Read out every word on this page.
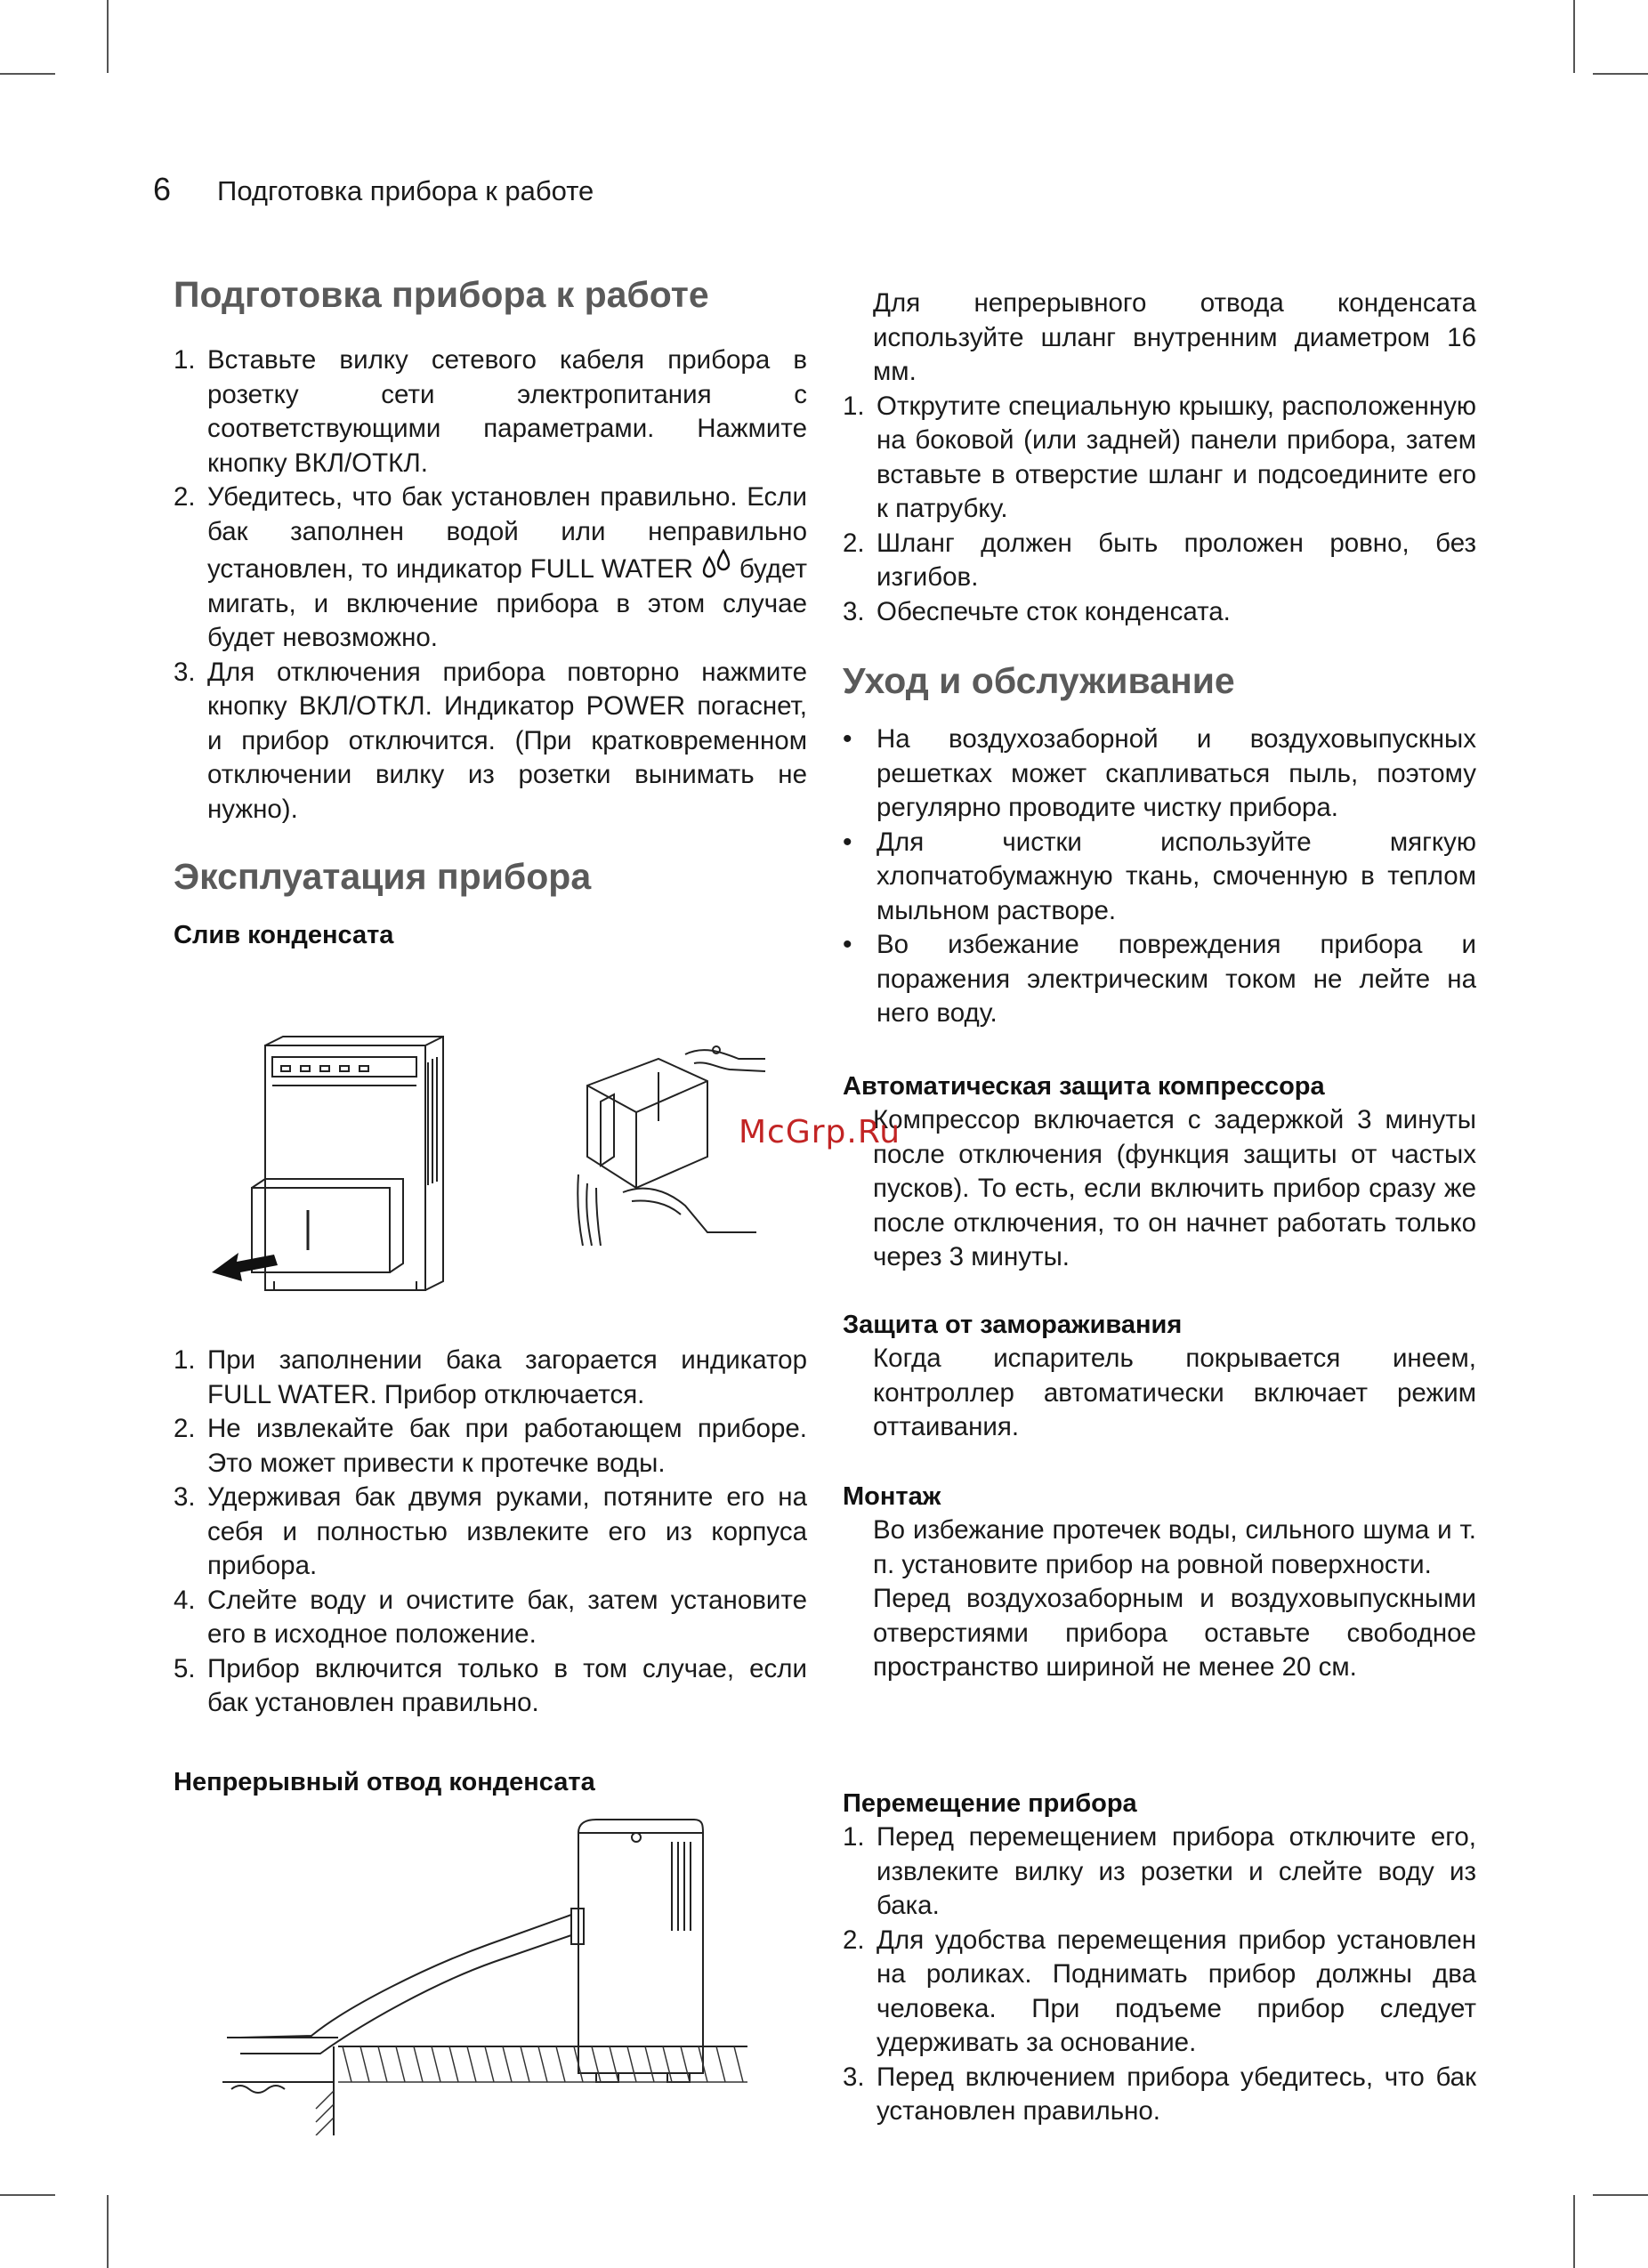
6 Подготовка прибора к работе
Подготовка прибора к работе
1. Вставьте вилку сетевого кабеля прибора в розетку сети электропитания с соответствующими параметрами. Нажмите кнопку ВКЛ/ОТКЛ.
2. Убедитесь, что бак установлен правильно. Если бак заполнен водой или неправильно установлен, то индикатор FULL WATER будет мигать, и включение прибора в этом случае будет невозможно.
3. Для отключения прибора повторно нажмите кнопку ВКЛ/ОТКЛ. Индикатор POWER погаснет, и прибор отключится. (При кратковременном отключении вилку из розетки вынимать не нужно).
Эксплуатация прибора
Слив конденсата
1. При заполнении бака загорается индикатор FULL WATER. Прибор отключается.
2. Не извлекайте бак при работающем приборе. Это может привести к протечке воды.
3. Удерживая бак двумя руками, потяните его на себя и полностью извлеките его из корпуса прибора.
4. Слейте воду и очистите бак, затем установите его в исходное положение.
5. Прибор включится только в том случае, если бак установлен правильно.
Непрерывный отвод конденсата

Для непрерывного отвода конденсата используйте шланг внутренним диаметром 16 мм.

1. Открутите специальную крышку, расположенную на боковой (или задней) панели прибора, затем вставьте в отверстие шланг и подсоедините его к патрубку.
2. Шланг должен быть проложен ровно, без изгибов.
3. Обеспечьте сток конденсата.
Уход и обслуживание
• На воздухозаборной и воздуховыпускных решетках может скапливаться пыль, поэтому регулярно проводите чистку прибора.
• Для чистки используйте мягкую хлопчатобумажную ткань, смоченную в теплом мыльном растворе.
• Во избежание повреждения прибора и поражения электрическим током не лейте на него воду.
Автоматическая защита компрессора

Компрессор включается с задержкой 3 минуты после отключения (функция защиты от частых пусков). То есть, если включить прибор сразу же после отключения, то он начнет работать только через 3 минуты.

Защита от замораживания

Когда испаритель покрывается инеем, контроллер автоматически включает режим оттаивания.

Монтаж

Во избежание протечек воды, сильного шума и т. п. установите прибор на ровной поверхности.

Перед воздухозаборным и воздуховыпускными отверстиями прибора оставьте свободное пространство шириной не менее 20 см.

Перемещение прибора
1. Перед перемещением прибора отключите его, извлеките вилку из розетки и слейте воду из бака.
2. Для удобства перемещения прибор установлен на роликах. Поднимать прибор должны два человека. При подъеме прибор следует удерживать за основание.
3. Перед включением прибора убедитесь, что бак установлен правильно.
McGrp.Ru
